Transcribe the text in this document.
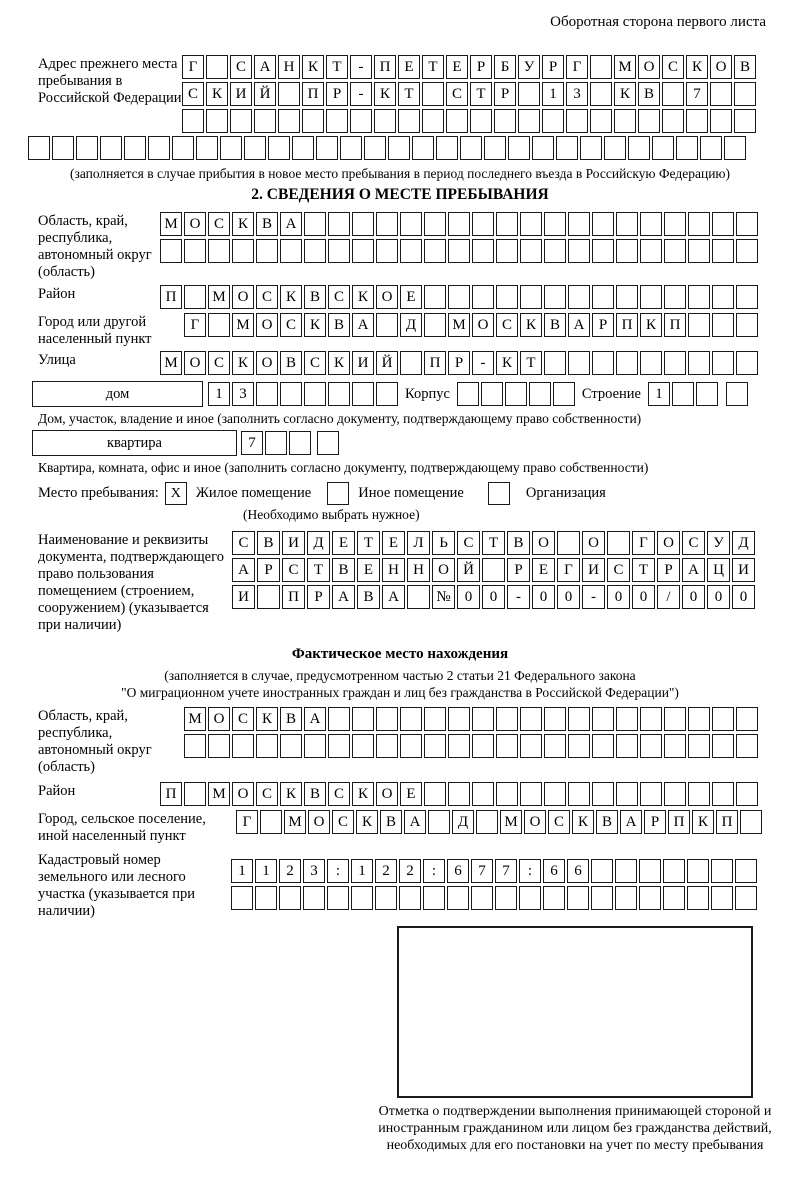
Оборотная сторона первого листа
Адрес прежнего места пребывания в Российской Федерации
Г	С А Н К Т	-	П Е Т Е	Р	Б У Р	Г	М О С К О В
С К И Й	П Р	-	К Т	С Т	Р	1	3	К В	7
(заполняется в случае прибытия в новое место пребывания в период последнего въезда в Российскую Федерацию)
2. СВЕДЕНИЯ О МЕСТЕ ПРЕБЫВАНИЯ
Область, край, республика, автономный округ (область)
М О С К В А
Район	П	М О С К В С К О Е
Город или другой населенный пункт
Г	М О С К В А	Д	М О С К В А Р П К П
Улица	М О С К О В С К И Й	П Р	-	К Т
дом	1	3	Корпус	Строение 1
Дом, участок, владение и иное (заполнить согласно документу, подтверждающему право собственности)
квартира	7
Квартира, комната, офис и иное (заполнить согласно документу, подтверждающему право собственности)
Место пребывания: X	Жилое помещение	Иное помещение	Организация
(Необходимо выбрать нужное)
Наименование и реквизиты документа, подтверждающего право пользования помещением (строением, сооружением) (указывается при наличии)
С В И Д	Е	Т	Е	Л	Ь	С	Т	В О	О	Г	О С У Д
А	Р	С	Т	В	Е	Н Н О Й	Р	Е	Г	И С	Т	Р	А Ц И
И	П	Р	А В А	№ 0	0	-	0	0	-	0	0	/	0	0	0
Фактическое место нахождения
(заполняется в случае, предусмотренном частью 2 статьи 21 Федерального закона
"О миграционном учете иностранных граждан и лиц без гражданства в Российской Федерации")
Область, край, республика, автономный округ (область)
М О С К В А
Район	П	М О С К В С К О Е
Город, сельское поселение, иной населенный пункт
Г	М О С К В А	Д	М О С К В А Р П К П
Кадастровый номер земельного или лесного участка (указывается при наличии)
1	1	2	3	:	1	2	2	:	6	7	7	:	6	6
Отметка о подтверждении выполнения принимающей стороной и иностранным гражданином или лицом без гражданства действий, необходимых для его постановки на учет по месту пребывания
